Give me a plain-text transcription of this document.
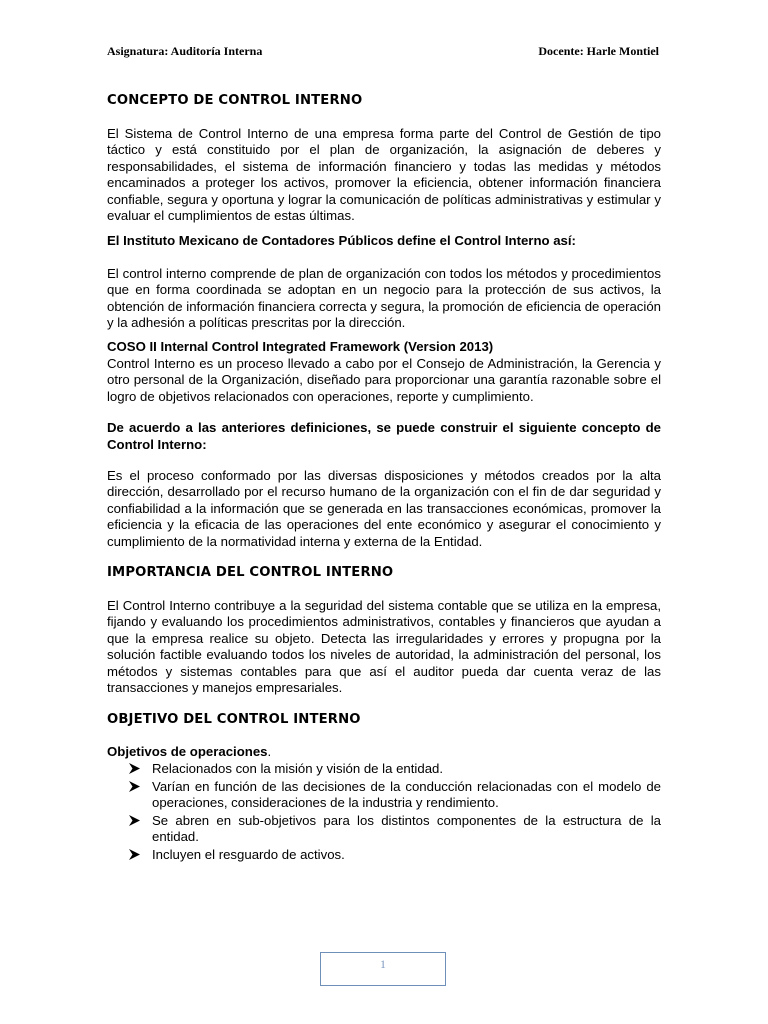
Asignatura: Auditoría Interna	Docente: Harle Montiel
CONCEPTO DE CONTROL INTERNO

El Sistema de Control Interno de una empresa forma parte del Control de Gestión de tipo táctico y está constituido por el plan de organización, la asignación de deberes y responsabilidades, el sistema de información financiero y todas las medidas y métodos encaminados a proteger los activos, promover la eficiencia, obtener información financiera confiable, segura y oportuna y lograr la comunicación de políticas administrativas y estimular y evaluar el cumplimientos de estas últimas.

El Instituto Mexicano de Contadores Públicos define el Control Interno así:

El control interno comprende de plan de organización con todos los métodos y procedimientos que en forma coordinada se adoptan en un negocio para la protección de sus activos, la obtención de información financiera correcta y segura, la promoción de eficiencia de operación y la adhesión a políticas prescritas por la dirección.

COSO II Internal Control Integrated Framework (Version 2013)

Control Interno es un proceso llevado a cabo por el Consejo de Administración, la Gerencia y otro personal de la Organización, diseñado para proporcionar una garantía razonable sobre el logro de objetivos relacionados con operaciones, reporte y cumplimiento.

De acuerdo a las anteriores definiciones, se puede construir el siguiente concepto de Control Interno:

Es el proceso conformado por las diversas disposiciones y métodos creados por la alta dirección, desarrollado por el recurso humano de la organización con el fin de dar seguridad y confiabilidad a la información que se generada en las transacciones económicas, promover la eficiencia y la eficacia de las operaciones del ente económico y asegurar el conocimiento y cumplimiento de la normatividad interna y externa de la Entidad.

IMPORTANCIA DEL CONTROL INTERNO

El Control Interno contribuye a la seguridad del sistema contable que se utiliza en la empresa, fijando y evaluando los procedimientos administrativos, contables y financieros que ayudan a que la empresa realice su objeto. Detecta las irregularidades y errores y propugna por la solución factible evaluando todos los niveles de autoridad, la administración del personal, los métodos y sistemas contables para que así el auditor pueda dar cuenta veraz de las transacciones y manejos empresariales.

OBJETIVO DEL CONTROL INTERNO
Objetivos de operaciones.
Relacionados con la misión y visión de la entidad.
Varían en función de las decisiones de la conducción relacionadas con el modelo de operaciones, consideraciones de la industria y rendimiento.
Se abren en sub-objetivos para los distintos componentes de la estructura de la entidad.
Incluyen el resguardo de activos.
1
